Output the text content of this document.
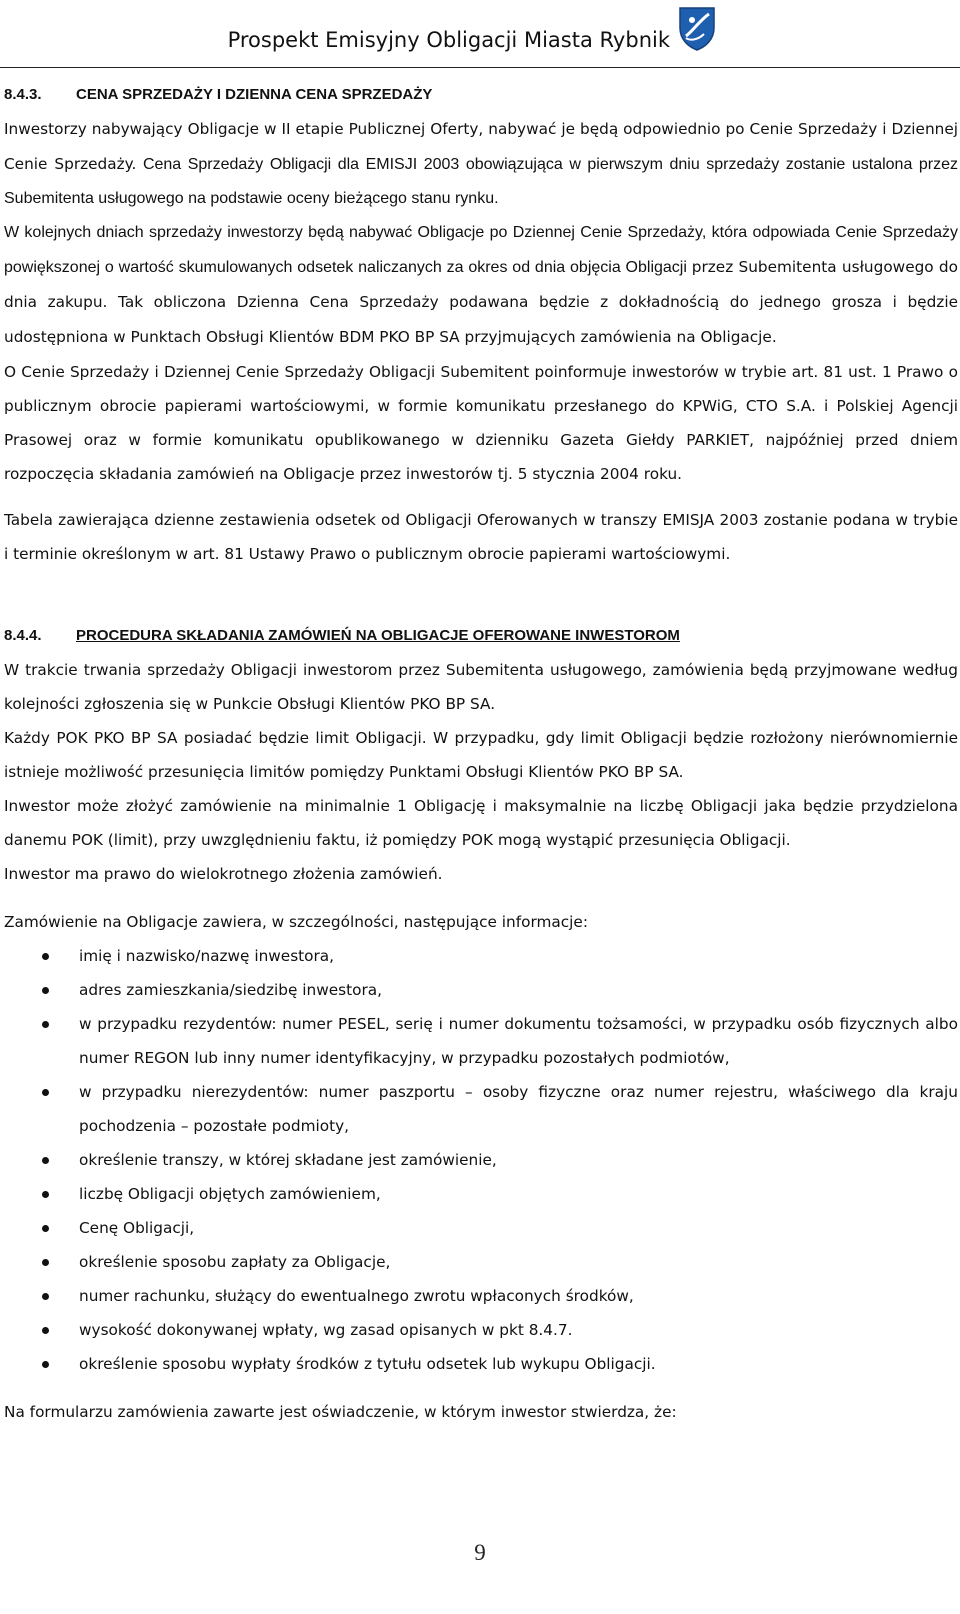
Prospekt Emisyjny Obligacji Miasta Rybnik
8.4.3. CENA SPRZEDAŻY I DZIENNA CENA SPRZEDAŻY

Inwestorzy nabywający Obligacje w II etapie Publicznej Oferty, nabywać je będą odpowiednio po Cenie Sprzedaży i Dziennej Cenie Sprzedaży. Cena Sprzedaży Obligacji dla EMISJI 2003 obowiązująca w pierwszym dniu sprzedaży zostanie ustalona przez Subemitenta usługowego na podstawie oceny bieżącego stanu rynku.

W kolejnych dniach sprzedaży inwestorzy będą nabywać Obligacje po Dziennej Cenie Sprzedaży, która odpowiada Cenie Sprzedaży powiększonej o wartość skumulowanych odsetek naliczanych za okres od dnia objęcia Obligacji przez Subemitenta usługowego do dnia zakupu. Tak obliczona Dzienna Cena Sprzedaży podawana będzie z dokładnością do jednego grosza i będzie udostępniona w Punktach Obsługi Klientów BDM PKO BP SA przyjmujących zamówienia na Obligacje.

O Cenie Sprzedaży i Dziennej Cenie Sprzedaży Obligacji Subemitent poinformuje inwestorów w trybie art. 81 ust. 1 Prawo o publicznym obrocie papierami wartościowymi, w formie komunikatu przesłanego do KPWiG, CTO S.A. i Polskiej Agencji Prasowej oraz w formie komunikatu opublikowanego w dzienniku Gazeta Giełdy PARKIET, najpóźniej przed dniem rozpoczęcia składania zamówień na Obligacje przez inwestorów tj. 5 stycznia 2004 roku.

Tabela zawierająca dzienne zestawienia odsetek od Obligacji Oferowanych w transzy EMISJA 2003 zostanie podana w trybie i terminie określonym w art. 81 Ustawy Prawo o publicznym obrocie papierami wartościowymi.

8.4.4. PROCEDURA SKŁADANIA ZAMÓWIEŃ NA OBLIGACJE OFEROWANE INWESTOROM

W trakcie trwania sprzedaży Obligacji inwestorom przez Subemitenta usługowego, zamówienia będą przyjmowane według kolejności zgłoszenia się w Punkcie Obsługi Klientów PKO BP SA.

Każdy POK PKO BP SA posiadać będzie limit Obligacji. W przypadku, gdy limit Obligacji będzie rozłożony nierównomiernie istnieje możliwość przesunięcia limitów pomiędzy Punktami Obsługi Klientów PKO BP SA.

Inwestor może złożyć zamówienie na minimalnie 1 Obligację i maksymalnie na liczbę Obligacji jaka będzie przydzielona danemu POK (limit), przy uwzględnieniu faktu, iż pomiędzy POK mogą wystąpić przesunięcia Obligacji.

Inwestor ma prawo do wielokrotnego złożenia zamówień.

Zamówienie na Obligacje zawiera, w szczególności, następujące informacje:

imię i nazwisko/nazwę inwestora,
adres zamieszkania/siedzibę inwestora,
w przypadku rezydentów: numer PESEL, serię i numer dokumentu tożsamości, w przypadku osób fizycznych albo numer REGON lub inny numer identyfikacyjny, w przypadku pozostałych podmiotów,
w przypadku nierezydentów: numer paszportu – osoby fizyczne oraz numer rejestru, właściwego dla kraju pochodzenia – pozostałe podmioty,
określenie transzy, w której składane jest zamówienie,
liczbę Obligacji objętych zamówieniem,
Cenę Obligacji,
określenie sposobu zapłaty za Obligacje,
numer rachunku, służący do ewentualnego zwrotu wpłaconych środków,
wysokość dokonywanej wpłaty, wg zasad opisanych w pkt 8.4.7.
określenie sposobu wypłaty środków z tytułu odsetek lub wykupu Obligacji.

Na formularzu zamówienia zawarte jest oświadczenie, w którym inwestor stwierdza, że:

9
